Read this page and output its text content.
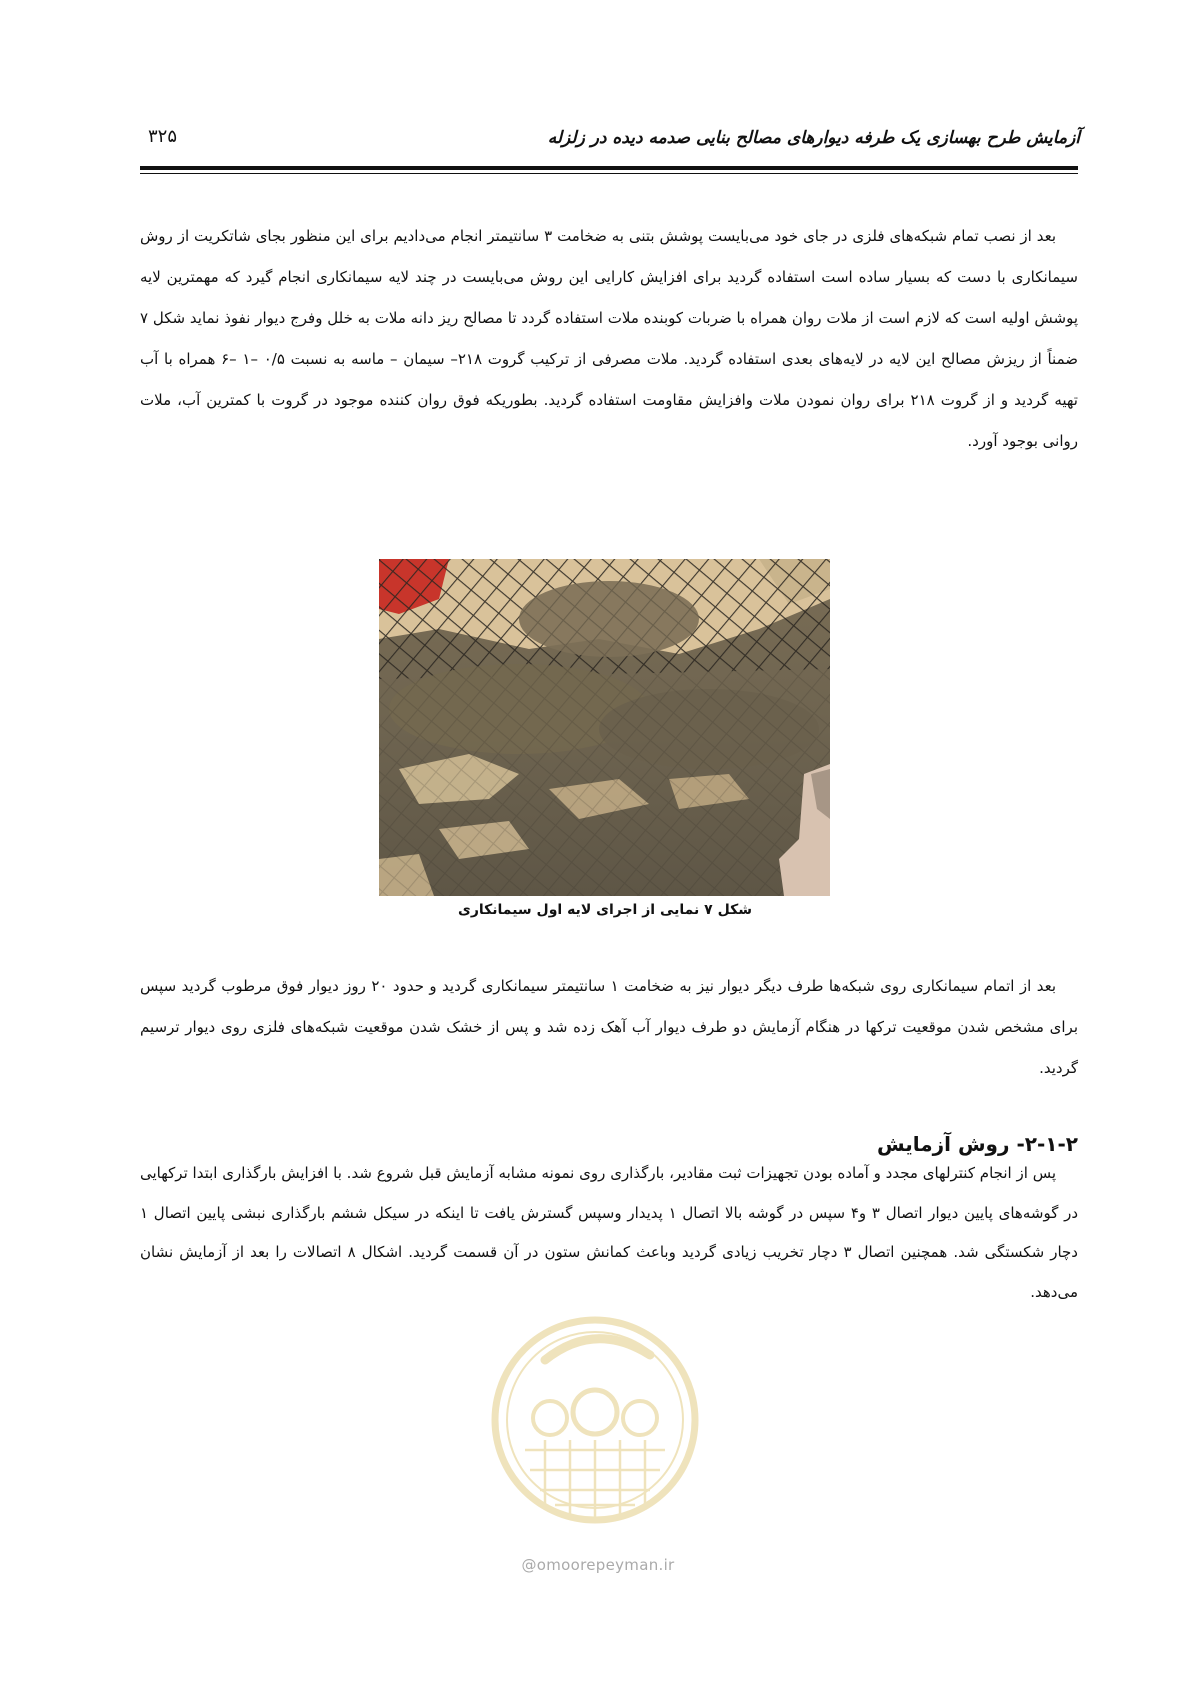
آزمایش طرح بهسازی یک طرفه دیوارهای مصالح بنایی صدمه دیده در زلزله
۳۲۵
بعد از نصب تمام شبکه‌های فلزی در جای خود می‌بایست پوشش بتنی به ضخامت ۳ سانتیمتر انجام می‌دادیم برای این منظور بجای شاتکریت از روش سیمانکاری با دست که بسیار ساده است استفاده گردید برای افزایش کارایی این روش می‌بایست در چند لایه سیمانکاری انجام گیرد که مهمترین لایه پوشش اولیه است که لازم است از ملات روان همراه با ضربات کوبنده ملات استفاده گردد تا مصالح ریز دانه ملات به خلل وفرج دیوار نفوذ نماید شکل ۷ ضمناً از ریزش مصالح این لایه در لایه‌های بعدی استفاده گردید. ملات مصرفی از ترکیب گروت ۲۱۸– سیمان – ماسه به نسبت ۰/۵ –۱ –۶ همراه با آب تهیه گردید و از گروت ۲۱۸ برای روان نمودن ملات وافزایش مقاومت استفاده گردید. بطوریکه فوق روان کننده موجود در گروت با کمترین آب، ملات روانی بوجود آورد.
شکل ۷ نمایی از اجرای لایه اول سیمانکاری
بعد از اتمام سیمانکاری روی شبکه‌ها طرف دیگر دیوار نیز به ضخامت ۱ سانتیمتر سیمانکاری گردید و حدود ۲۰ روز دیوار فوق مرطوب گردید سپس برای مشخص شدن موقعیت ترکها در هنگام آزمایش دو طرف دیوار آب آهک زده شد و پس از خشک شدن موقعیت شبکه‌های فلزی روی دیوار ترسیم گردید.
۲-۱-۲- روش آزمایش
پس از انجام کنترلهای مجدد و آماده بودن تجهیزات ثبت مقادیر، بارگذاری روی نمونه مشابه آزمایش قبل شروع شد. با افزایش بارگذاری ابتدا ترکهایی در گوشه‌های پایین دیوار اتصال ۳ و۴ سپس در گوشه بالا اتصال ۱ پدیدار وسپس گسترش یافت تا اینکه در سیکل ششم بارگذاری نبشی پایین اتصال ۱ دچار شکستگی شد. همچنین اتصال ۳ دچار تخریب زیادی گردید وباعث کمانش ستون در آن قسمت گردید. اشکال ۸ اتصالات را بعد از آزمایش نشان می‌دهد.
@omoorepeyman.ir
